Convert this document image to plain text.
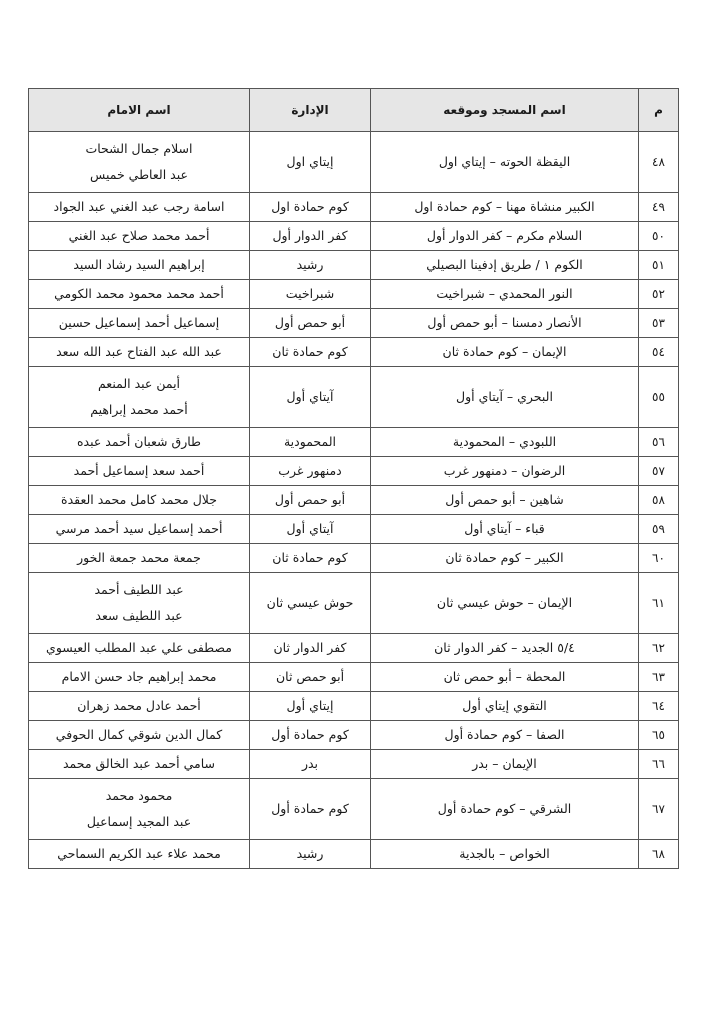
م	اسم المسجد وموقعه	الإدارة	اسم الامام
٤٨	اليقظة الحوته – إيتاي اول	إيتاي اول	اسلام جمال الشحات
عبد العاطي خميس

٤٩	الكبير منشاة مهنا – كوم حمادة اول	كوم حمادة اول	اسامة رجب عبد الغني عبد الجواد

٥٠	السلام مكرم – كفر الدوار أول	كفر الدوار أول	أحمد محمد صلاح عبد الغني

٥١	الكوم ١ / طريق إدفينا البصيلي	رشيد	إبراهيم السيد رشاد السيد

٥٢	النور المحمدي – شبراخيت	شبراخيت	أحمد محمد محمود محمد الكومي

٥٣	الأنصار دمسنا – أبو حمص أول	أبو حمص أول	إسماعيل أحمد إسماعيل حسين

٥٤	الإيمان – كوم حمادة ثان	كوم حمادة ثان	عبد الله عبد الفتاح عبد الله سعد

٥٥	البحري – آيتاي أول	آيتاي أول	أيمن عبد المنعم
أحمد محمد إبراهيم

٥٦	اللبودي – المحمودية	المحمودية	طارق شعبان أحمد عبده

٥٧	الرضوان – دمنهور غرب	دمنهور غرب	أحمد سعد إسماعيل أحمد

٥٨	شاهين – أبو حمص أول	أبو حمص أول	جلال محمد كامل محمد العقدة

٥٩	قباء – آيتاي أول	آيتاي أول	أحمد إسماعيل سيد أحمد مرسي

٦٠	الكبير – كوم حمادة ثان	كوم حمادة ثان	جمعة محمد جمعة الخور

٦١	الإيمان – حوش عيسي ثان	حوش عيسي ثان	عبد اللطيف أحمد
عبد اللطيف سعد

٦٢	٥/٤ الجديد – كفر الدوار ثان	كفر الدوار ثان	مصطفى علي عبد المطلب العيسوي

٦٣	المحطة – أبو حمص ثان	أبو حمص ثان	محمد إبراهيم جاد حسن الامام

٦٤	التقوي إيتاي أول	إيتاي أول	أحمد عادل محمد زهران

٦٥	الصفا – كوم حمادة أول	كوم حمادة أول	كمال الدين شوقي كمال الحوفي

٦٦	الإيمان – بدر	بدر	سامي أحمد عبد الخالق محمد

٦٧	الشرقي – كوم حمادة أول	كوم حمادة أول	محمود محمد
عبد المجيد إسماعيل

٦٨	الخواص – بالجدية	رشيد	محمد علاء عبد الكريم السماحي
